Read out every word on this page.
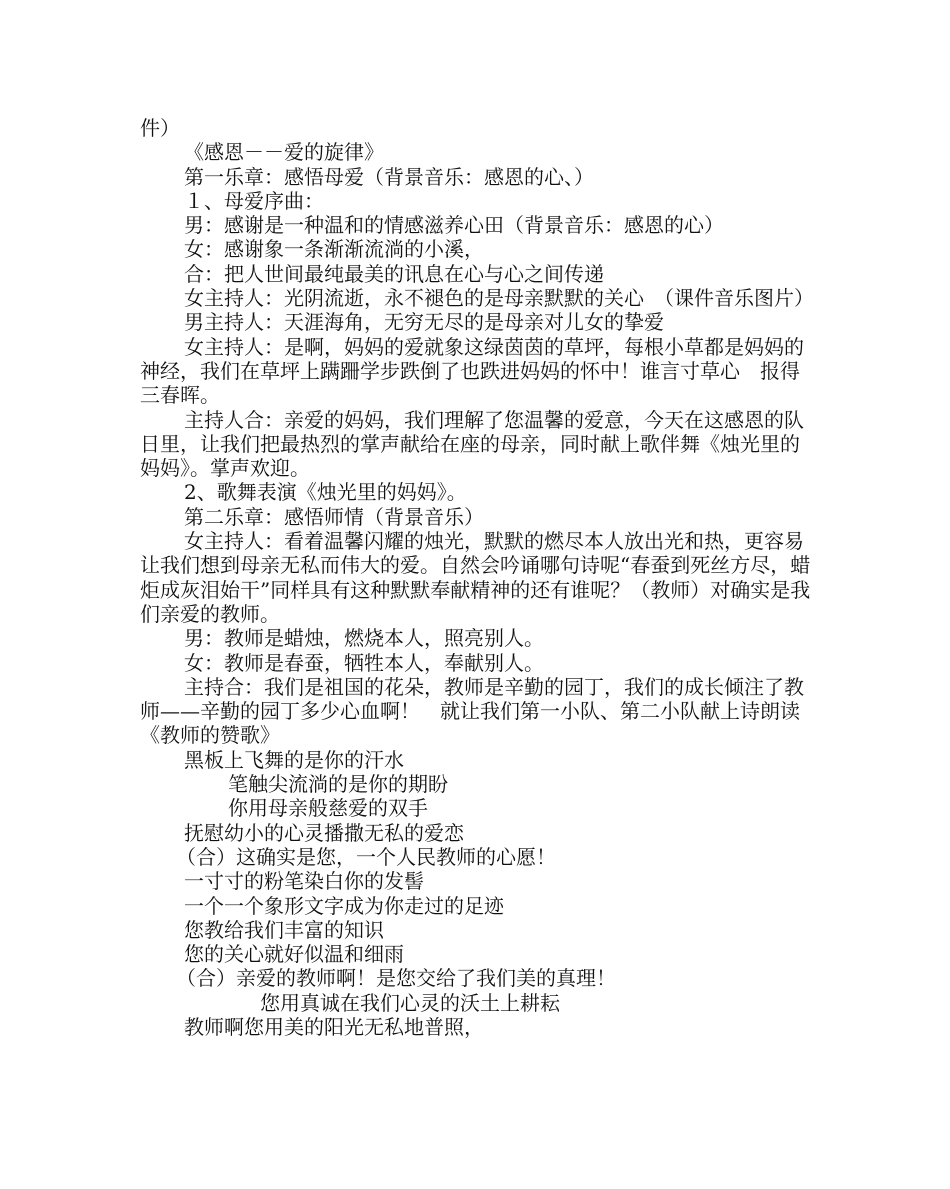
件）

《感恩－－爱的旋律》

第一乐章：感悟母爱（背景音乐：感恩的心、）

１、母爱序曲：

男：感谢是一种温和的情感滋养心田（背景音乐：感恩的心）

女：感谢象一条渐渐流淌的小溪，

合：把人世间最纯最美的讯息在心与心之间传递

女主持人：光阴流逝，永不褪色的是母亲默默的关心　（课件音乐图片）

男主持人：天涯海角，无穷无尽的是母亲对儿女的挚爱

女主持人：是啊，妈妈的爱就象这绿茵茵的草坪，每根小草都是妈妈的神经，我们在草坪上蹒跚学步跌倒了也跌进妈妈的怀中！谁言寸草心　报得三春晖。

主持人合：亲爱的妈妈，我们理解了您温馨的爱意，今天在这感恩的队日里，让我们把最热烈的掌声献给在座的母亲，同时献上歌伴舞《烛光里的妈妈》。掌声欢迎。

2、歌舞表演《烛光里的妈妈》。

第二乐章：感悟师情（背景音乐）

女主持人：看着温馨闪耀的烛光，默默的燃尽本人放出光和热，更容易让我们想到母亲无私而伟大的爱。自然会吟诵哪句诗呢“春蚕到死丝方尽，蜡炬成灰泪始干”同样具有这种默默奉献精神的还有谁呢？（教师）对确实是我们亲爱的教师。

男：教师是蜡烛，燃烧本人，照亮别人。

女：教师是春蚕，牺牲本人，奉献别人。

主持合：我们是祖国的花朵，教师是辛勤的园丁，我们的成长倾注了教师——辛勤的园丁多少心血啊！　就让我们第一小队、第二小队献上诗朗读《教师的赞歌》

黑板上飞舞的是你的汗水

笔触尖流淌的是你的期盼

你用母亲般慈爱的双手

抚慰幼小的心灵播撒无私的爱恋

（合）这确实是您，一个人民教师的心愿！

一寸寸的粉笔染白你的发髻

一个一个象形文字成为你走过的足迹

您教给我们丰富的知识

您的关心就好似温和细雨

（合）亲爱的教师啊！是您交给了我们美的真理！

您用真诚在我们心灵的沃土上耕耘

教师啊您用美的阳光无私地普照，
